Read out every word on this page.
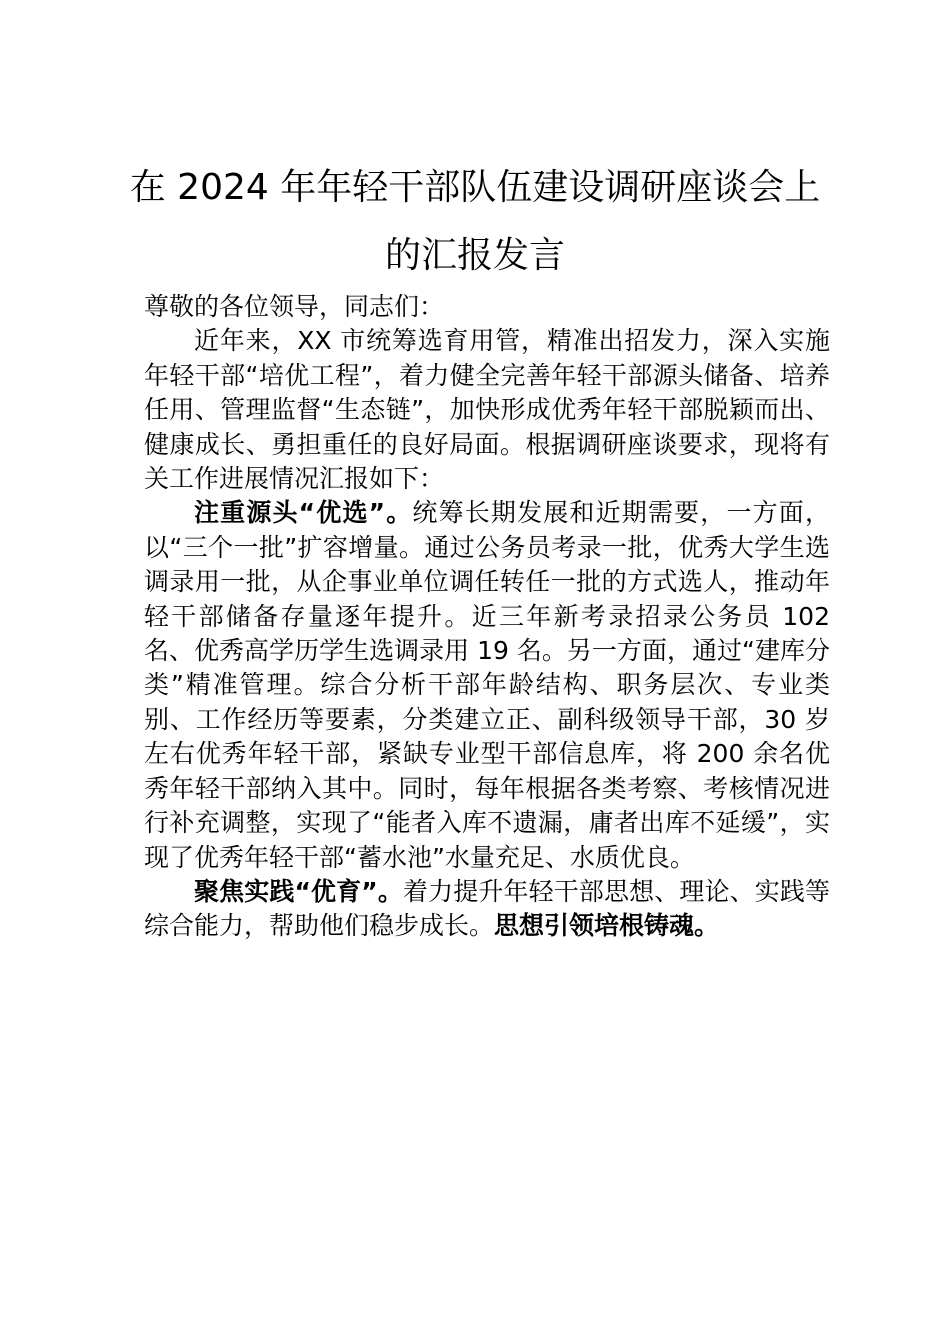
在 2024 年年轻干部队伍建设调研座谈会上
的汇报发言

尊敬的各位领导，同志们：

近年来，XX 市统筹选育用管，精准出招发力，深入实施年轻干部“培优工程”，着力健全完善年轻干部源头储备、培养任用、管理监督“生态链”，加快形成优秀年轻干部脱颖而出、健康成长、勇担重任的良好局面。根据调研座谈要求，现将有关工作进展情况汇报如下：

注重源头“优选”。统筹长期发展和近期需要，一方面，以“三个一批”扩容增量。通过公务员考录一批，优秀大学生选调录用一批，从企事业单位调任转任一批的方式选人，推动年轻干部储备存量逐年提升。近三年新考录招录公务员 102 名、优秀高学历学生选调录用 19 名。另一方面，通过“建库分类”精准管理。综合分析干部年龄结构、职务层次、专业类别、工作经历等要素，分类建立正、副科级领导干部，30 岁左右优秀年轻干部，紧缺专业型干部信息库，将 200 余名优秀年轻干部纳入其中。同时，每年根据各类考察、考核情况进行补充调整，实现了“能者入库不遗漏，庸者出库不延缓”，实现了优秀年轻干部“蓄水池”水量充足、水质优良。

聚焦实践“优育”。着力提升年轻干部思想、理论、实践等综合能力，帮助他们稳步成长。思想引领培根铸魂。
